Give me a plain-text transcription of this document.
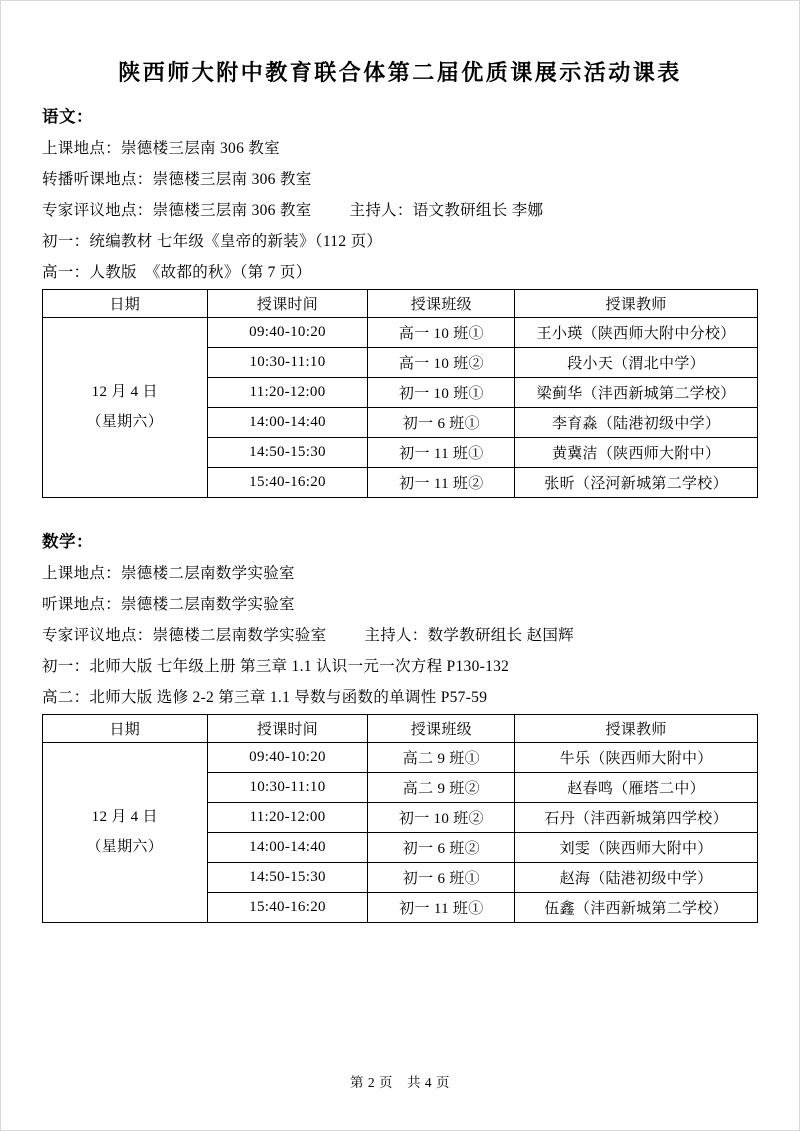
陕西师大附中教育联合体第二届优质课展示活动课表
语文：

上课地点：崇德楼三层南 306 教室

转播听课地点：崇德楼三层南 306 教室

专家评议地点：崇德楼三层南 306 教室 主持人：语文教研组长 李娜

初一：统编教材 七年级《皇帝的新装》（112 页）

高一：人教版　《故都的秋》（第 7 页）

日期	授课时间	授课班级	授课教师

12 月 4 日
（星期六）	09:40-10:20	高一 10 班①	王小瑛（陕西师大附中分校）
	10:30-11:10	高一 10 班②	段小天（渭北中学）
	11:20-12:00	初一 10 班①	梁蓟华（沣西新城第二学校）
	14:00-14:40	初一 6 班①	李育淼（陆港初级中学）
	14:50-15:30	初一 11 班①	黄冀洁（陕西师大附中）
	15:40-16:20	初一 11 班②	张昕（泾河新城第二学校）
数学：

上课地点：崇德楼二层南数学实验室

听课地点：崇德楼二层南数学实验室

专家评议地点：崇德楼二层南数学实验室 主持人：数学教研组长 赵国辉

初一：北师大版 七年级上册 第三章 1.1 认识一元一次方程 P130-132

高二：北师大版 选修 2-2 第三章 1.1 导数与函数的单调性 P57-59

日期	授课时间	授课班级	授课教师

12 月 4 日
（星期六）	09:40-10:20	高二 9 班①	牛乐（陕西师大附中）
	10:30-11:10	高二 9 班②	赵春鸣（雁塔二中）
	11:20-12:00	初一 10 班②	石丹（沣西新城第四学校）
	14:00-14:40	初一 6 班②	刘雯（陕西师大附中）
	14:50-15:30	初一 6 班①	赵海（陆港初级中学）
	15:40-16:20	初一 11 班①	伍鑫（沣西新城第二学校）
第 2 页　共 4 页
